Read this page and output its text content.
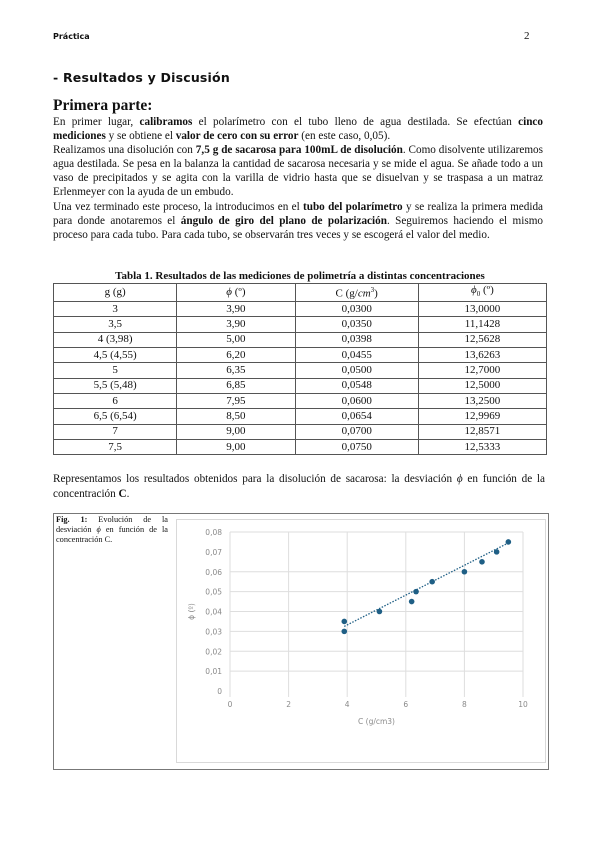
Práctica	2
- Resultados y Discusión
Primera parte:

En primer lugar, calibramos el polarímetro con el tubo lleno de agua destilada. Se efectúan cinco mediciones y se obtiene el valor de cero con su error (en este caso, 0,05).

Realizamos una disolución con 7,5 g de sacarosa para 100mL de disolución. Como disolvente utilizaremos agua destilada. Se pesa en la balanza la cantidad de sacarosa necesaria y se mide el agua. Se añade todo a un vaso de precipitados y se agita con la varilla de vidrio hasta que se disuelvan y se traspasa a un matraz Erlenmeyer con la ayuda de un embudo.

Una vez terminado este proceso, la introducimos en el tubo del polarímetro y se realiza la primera medida para donde anotaremos el ángulo de giro del plano de polarización. Seguiremos haciendo el mismo proceso para cada tubo. Para cada tubo, se observarán tres veces y se escogerá el valor del medio.

Tabla 1. Resultados de las mediciones de polimetría a distintas concentraciones
g (g)	ϕ (º)	C $(g/cm^3)$	$\phi_0$ (º)
3	3,90	0,0300	13,0000
3,5	3,90	0,0350	11,1428
4 (3,98)	5,00	0,0398	12,5628
4,5 (4,55)	6,20	0,0455	13,6263
5	6,35	0,0500	12,7000
5,5 (5,48)	6,85	0,0548	12,5000
6	7,95	0,0600	13,2500
6,5 (6,54)	8,50	0,0654	12,9969
7	9,00	0,0700	12,8571
7,5	9,00	0,0750	12,5333
Representamos los resultados obtenidos para la disolución de sacarosa: la desviación ϕ en función de la concentración C.
Fig. 1: Evolución de la desviación ϕ en función de la concentración C.
0
0,01
0,02
0,03
0,04
0,05
0,06
0,07
0,08
0	2	4	6	8	10
C (g/cm3)
ϕ (º)
